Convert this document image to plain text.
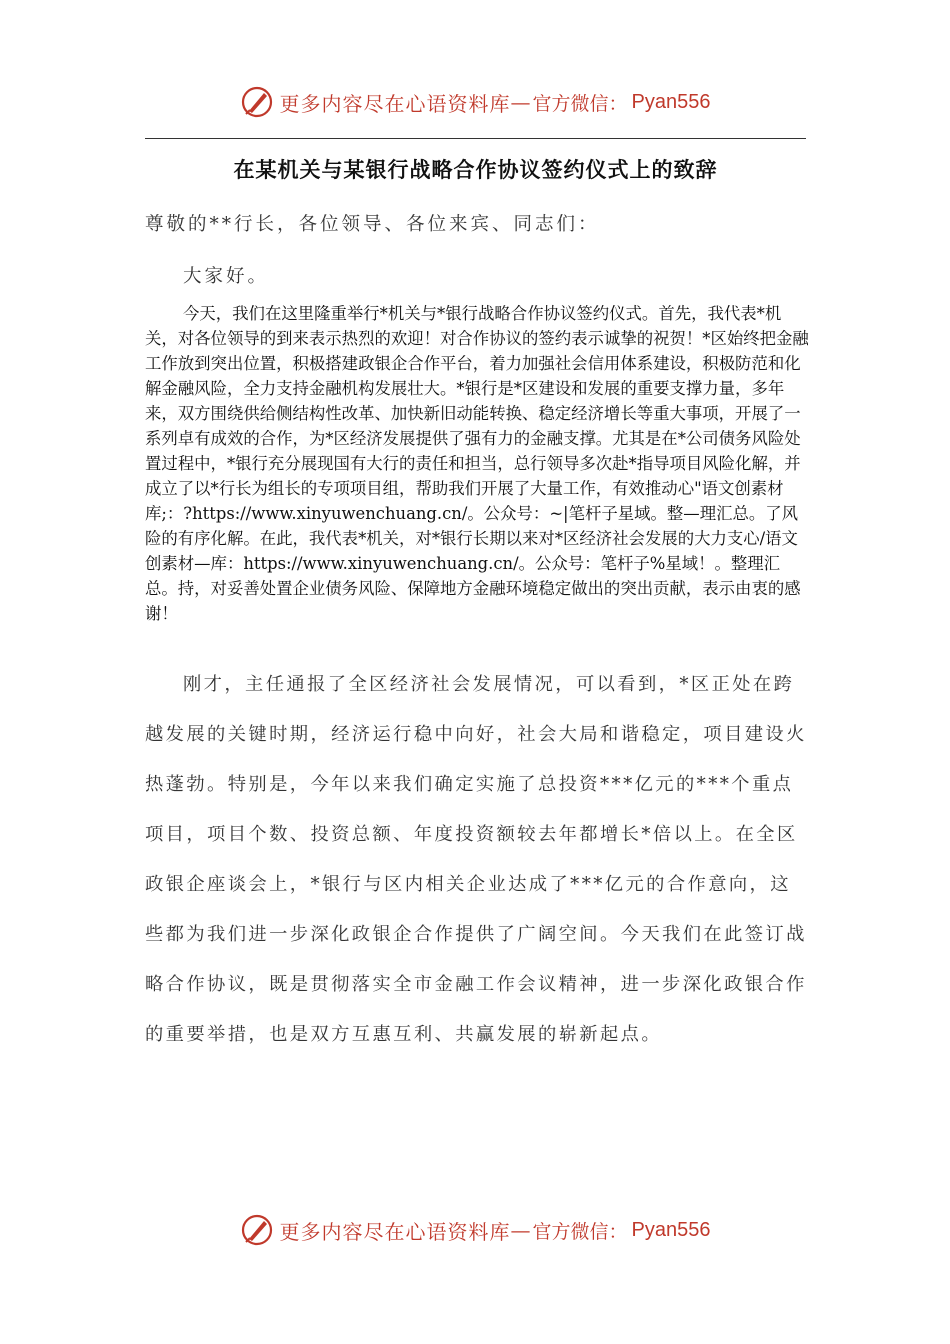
更多内容尽在心语资料库 — 官方微信： Pyan556
在某机关与某银行战略合作协议签约仪式上的致辞

尊敬的**行长，各位领导、各位来宾、同志们：

大家好。

今天，我们在这里隆重举行*机关与*银行战略合作协议签约仪式。首先，我代表*机关，对各位领导的到来表示热烈的欢迎！对合作协议的签约表示诚挚的祝贺！*区始终把金融工作放到突出位置，积极搭建政银企合作平台，着力加强社会信用体系建设，积极防范和化解金融风险，全力支持金融机构发展壮大。*银行是*区建设和发展的重要支撑力量，多年来，双方围绕供给侧结构性改革、加快新旧动能转换、稳定经济增长等重大事项，开展了一系列卓有成效的合作，为*区经济发展提供了强有力的金融支撑。尤其是在*公司债务风险处置过程中，*银行充分展现国有大行的责任和担当，总行领导多次赴*指导项目风险化解，并成立了以*行长为组长的专项项目组，帮助我们开展了大量工作，有效推动心"语文创素材库;：?https://www.xinyuwenchuang.cn/。公众号：~|笔杆子星域。整—理汇总。了风险的有序化解。在此，我代表*机关，对*银行长期以来对*区经济社会发展的大力支心/语文创素材—库：https://www.xinyuwenchuang.cn/。公众号：笔杆子%星域！。整理汇总。持，对妥善处置企业债务风险、保障地方金融环境稳定做出的突出贡献，表示由衷的感谢！

刚才，主任通报了全区经济社会发展情况，可以看到，*区正处在跨越发展的关键时期，经济运行稳中向好，社会大局和谐稳定，项目建设火热蓬勃。特别是，今年以来我们确定实施了总投资***亿元的***个重点项目，项目个数、投资总额、年度投资额较去年都增长*倍以上。在全区政银企座谈会上，*银行与区内相关企业达成了***亿元的合作意向，这些都为我们进一步深化政银企合作提供了广阔空间。今天我们在此签订战略合作协议，既是贯彻落实全市金融工作会议精神，进一步深化政银合作的重要举措，也是双方互惠互利、共赢发展的崭新起点。

更多内容尽在心语资料库 — 官方微信： Pyan556
